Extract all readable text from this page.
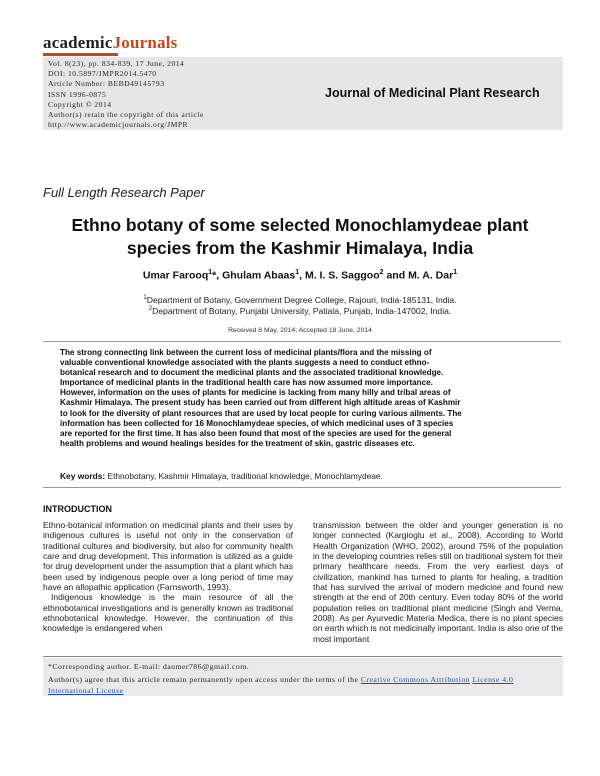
academicJournals
Vol. 8(23), pp. 834-839, 17 June, 2014
DOI: 10.5897/JMPR2014.5470
Article Number: BEBD49145793
ISSN 1996-0875
Copyright © 2014
Author(s) retain the copyright of this article
http://www.academicjournals.org/JMPR
Journal of Medicinal Plant Research
Full Length Research Paper
Ethno botany of some selected Monochlamydeae plant
species from the Kashmir Himalaya, India
Umar Farooq$^1$*, Ghulam Abaas$^1$, M. I. S. Saggoo$^2$ and M. A. Dar$^1$
$^1$Department of Botany, Government Degree College, Rajouri, India-185131, India.
$^2$Department of Botany, Punjabi University, Patiala, Punjab, India-147002, India.
Received 8 May, 2014; Accepted 18 June, 2014
The strong connecting link between the current loss of medicinal plants/flora and the missing of
valuable conventional knowledge associated with the plants suggests a need to conduct ethno-
botanical research and to document the medicinal plants and the associated traditional knowledge.
Importance of medicinal plants in the traditional health care has now assumed more importance.
However, information on the uses of plants for medicine is lacking from many hilly and tribal areas of
Kashmir Himalaya. The present study has been carried out from different high altitude areas of Kashmir
to look for the diversity of plant resources that are used by local people for curing various ailments. The
information has been collected for 16 Monochlamydeae species, of which medicinal uses of 3 species
are reported for the first time. It has also been found that most of the species are used for the general
health problems and wound healings besides for the treatment of skin, gastric diseases etc.
Key words: Ethnobotany, Kashmir Himalaya, traditional knowledge, Monochlamydeae.
INTRODUCTION

Ethno-botanical information on medicinal plants and their uses by indigenous cultures is useful not only in the conservation of traditional cultures and biodiversity, but also for community health care and drug development. This information is utilized as a guide for drug development under the assumption that a plant which has been used by indigenous people over a long period of time may have an allopathic application (Farnsworth, 1993).

Indigenous knowledge is the main resource of all the ethnobotanical investigations and is generally known as traditional ethnobotanical knowledge. However, the continuation of this knowledge is endangered when

transmission between the older and younger generation is no longer connected (Kargioglu et al., 2008). According to World Health Organization (WHO, 2002), around 75% of the population in the developing countries relies still on traditional system for their primary healthcare needs. From the very earliest days of civilization, mankind has turned to plants for healing, a tradition that has survived the arrival of modern medicine and found new strength at the end of 20th century. Even today 80% of the world population relies on traditional plant medicine (Singh and Verma, 2008). As per Ayurvedic Materia Medica, there is no plant species on earth which is not medicinally important. India is also one of the most important

*Corresponding author. E-mail: daumer786@gmail.com.
Author(s) agree that this article remain permanently open access under the terms of the Creative Commons Attribution License 4.0 International License
